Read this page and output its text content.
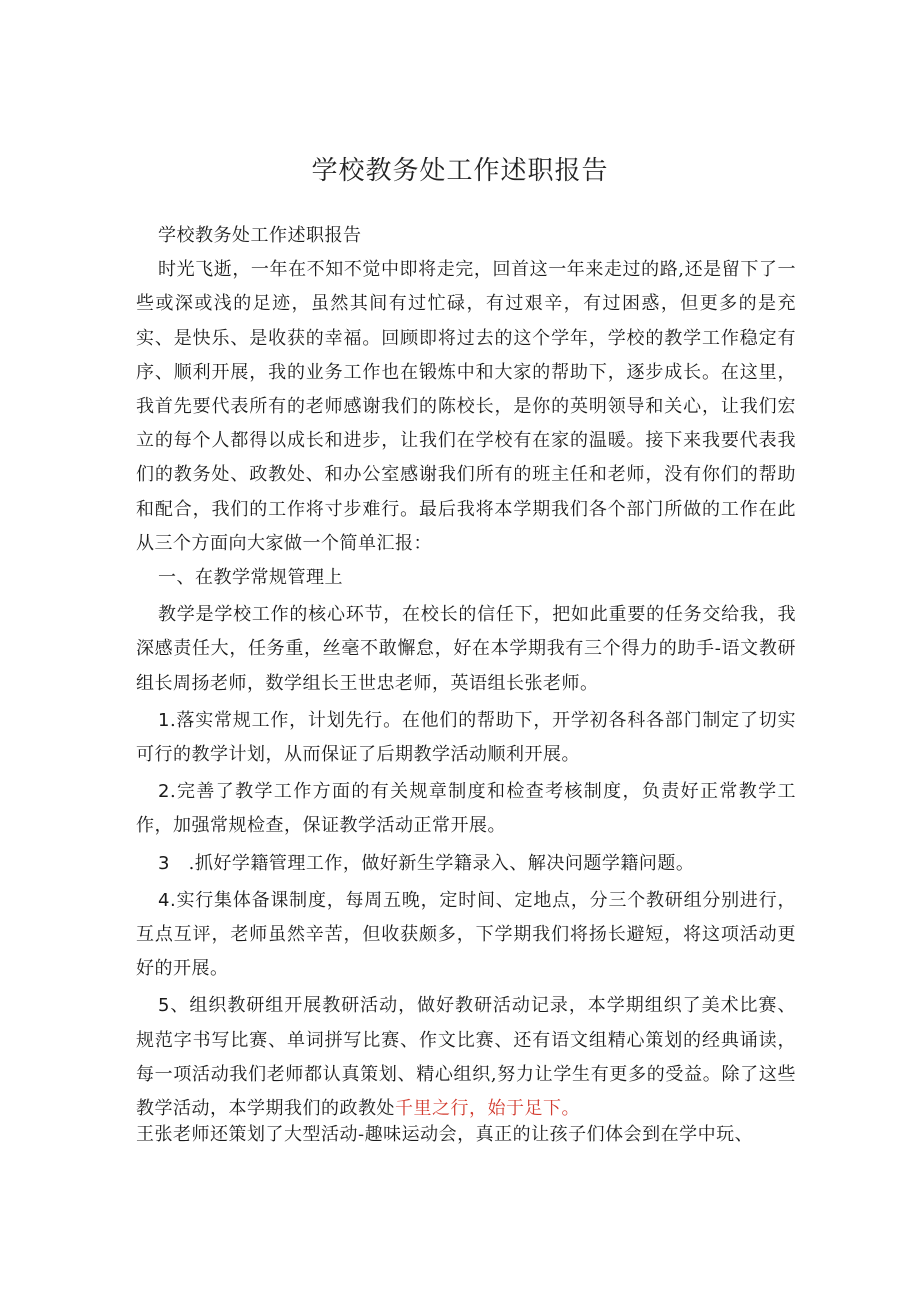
学校教务处工作述职报告

学校教务处工作述职报告

时光飞逝，一年在不知不觉中即将走完，回首这一年来走过的路,还是留下了一些或深或浅的足迹，虽然其间有过忙碌，有过艰辛，有过困惑，但更多的是充实、是快乐、是收获的幸福。回顾即将过去的这个学年，学校的教学工作稳定有序、顺利开展，我的业务工作也在锻炼中和大家的帮助下，逐步成长。在这里，我首先要代表所有的老师感谢我们的陈校长，是你的英明领导和关心，让我们宏立的每个人都得以成长和进步，让我们在学校有在家的温暖。接下来我要代表我们的教务处、政教处、和办公室感谢我们所有的班主任和老师，没有你们的帮助和配合，我们的工作将寸步难行。最后我将本学期我们各个部门所做的工作在此从三个方面向大家做一个简单汇报：

一、在教学常规管理上

教学是学校工作的核心环节，在校长的信任下，把如此重要的任务交给我，我深感责任大，任务重，丝毫不敢懈怠，好在本学期我有三个得力的助手-语文教研组长周扬老师，数学组长王世忠老师，英语组长张老师。

1.落实常规工作，计划先行。在他们的帮助下，开学初各科各部门制定了切实可行的教学计划，从而保证了后期教学活动顺利开展。

2.完善了教学工作方面的有关规章制度和检查考核制度，负责好正常教学工作，加强常规检查，保证教学活动正常开展。

3 .抓好学籍管理工作，做好新生学籍录入、解决问题学籍问题。

4.实行集体备课制度，每周五晚，定时间、定地点，分三个教研组分别进行，互点互评，老师虽然辛苦，但收获颇多，下学期我们将扬长避短，将这项活动更好的开展。

5、组织教研组开展教研活动，做好教研活动记录，本学期组织了美术比赛、规范字书写比赛、单词拼写比赛、作文比赛、还有语文组精心策划的经典诵读，每一项活动我们老师都认真策划、精心组织,努力让学生有更多的受益。除了这些教学活动，本学期我们的政教处千里之行，始于足下。

王张老师还策划了大型活动-趣味运动会，真正的让孩子们体会到在学中玩、
